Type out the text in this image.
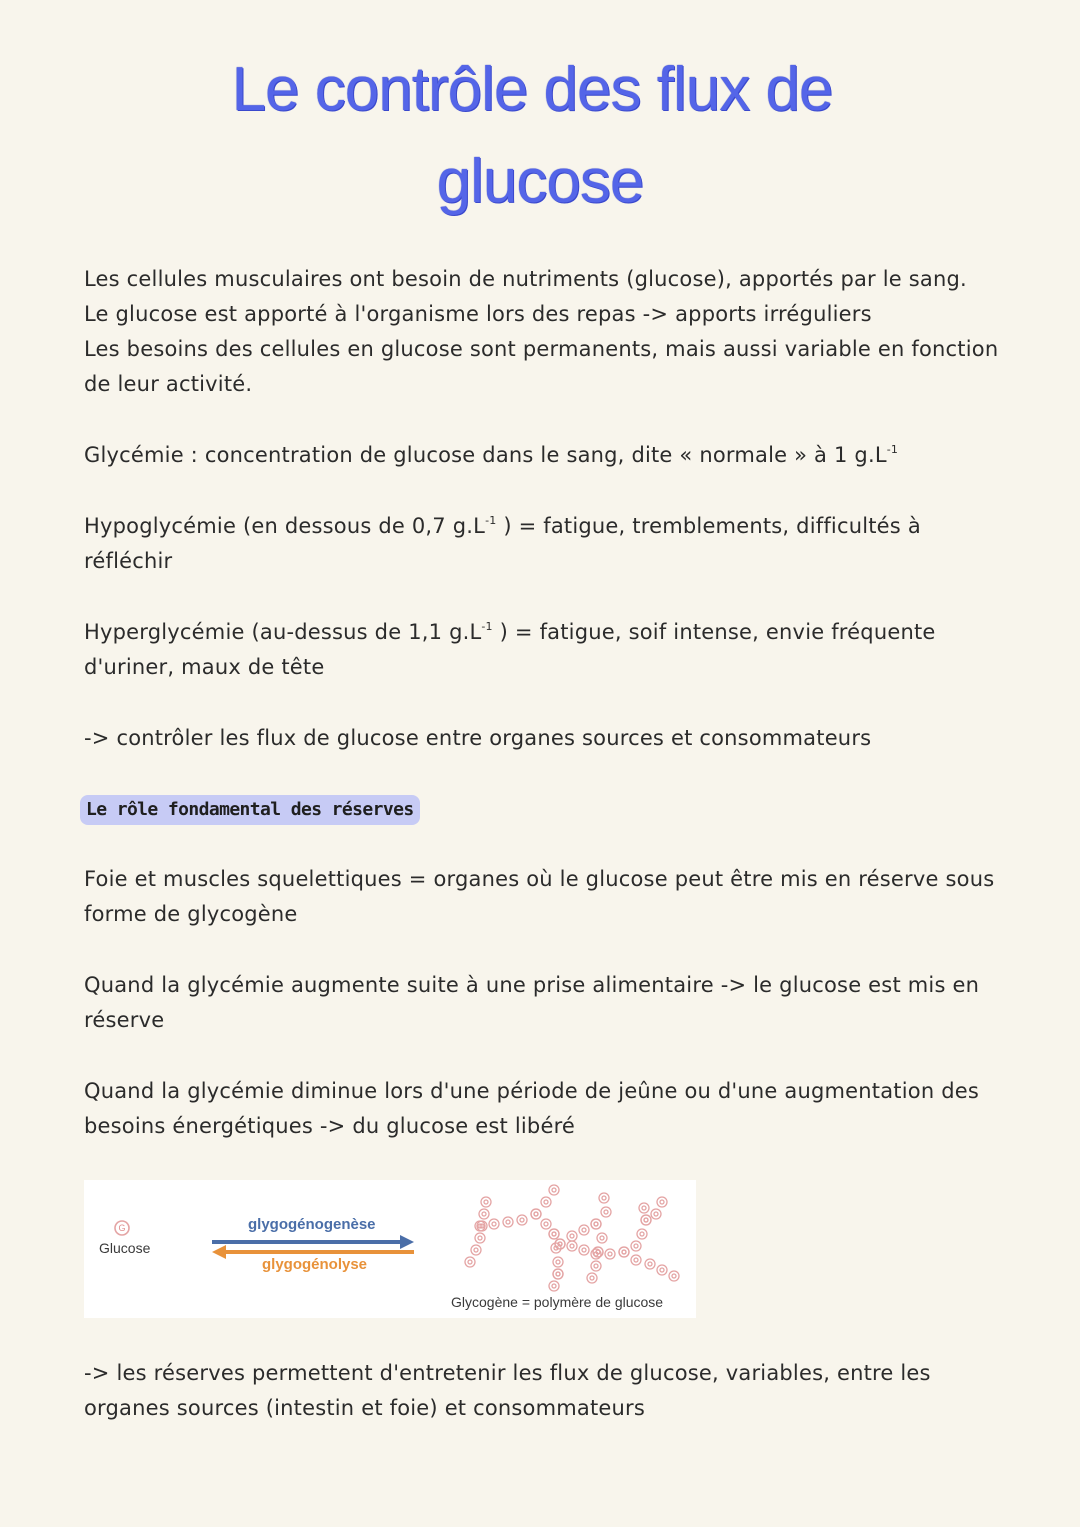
Le contrôle des flux de
glucose

Les cellules musculaires ont besoin de nutriments (glucose), apportés par le sang.
Le glucose est apporté à l'organisme lors des repas -> apports irréguliers
Les besoins des cellules en glucose sont permanents, mais aussi variable en fonction
de leur activité.

Glycémie : concentration de glucose dans le sang, dite « normale » à 1 $g.L^{-1}$

Hypoglycémie (en dessous de 0,7 $g.L^{-1}$ ) = fatigue, tremblements, difficultés à
réfléchir

Hyperglycémie (au-dessus de 1,1 $g.L^{-1}$ ) = fatigue, soif intense, envie fréquente
d'uriner, maux de tête

-> contrôler les flux de glucose entre organes sources et consommateurs

Le rôle fondamental des réserves

Foie et muscles squelettiques = organes où le glucose peut être mis en réserve sous
forme de glycogène

Quand la glycémie augmente suite à une prise alimentaire -> le glucose est mis en
réserve

Quand la glycémie diminue lors d'une période de jeûne ou d'une augmentation des
besoins énergétiques -> du glucose est libéré

G
Glucose
glygogénogenèse
glygogénolyse
Glycogène = polymère de glucose

-> les réserves permettent d'entretenir les flux de glucose, variables, entre les
organes sources (intestin et foie) et consommateurs
